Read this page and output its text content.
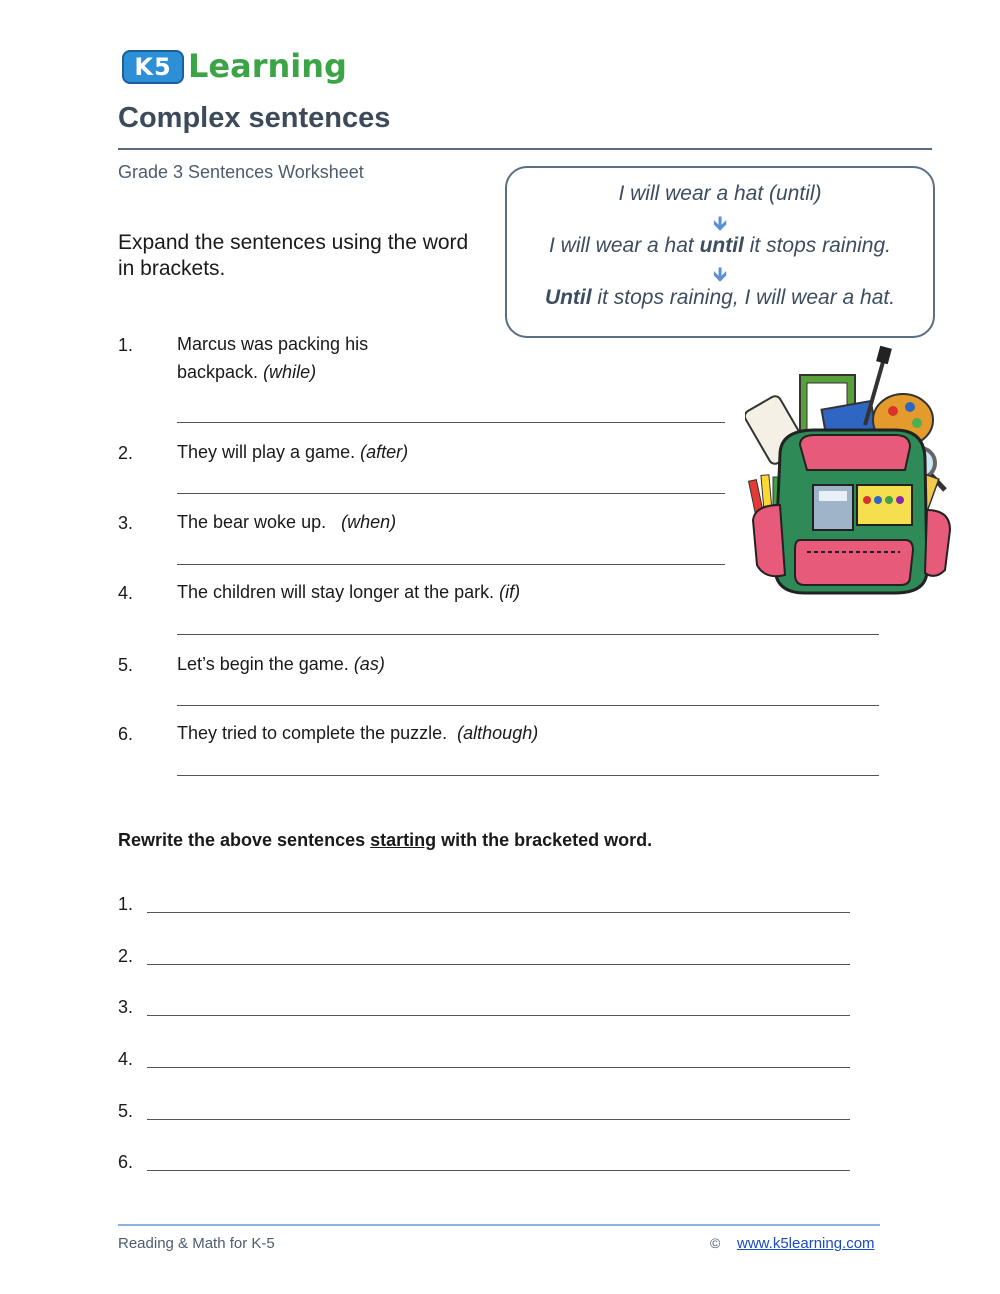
K5 Learning
Complex sentences
Grade 3 Sentences Worksheet
Expand the sentences using the word in brackets.
I will wear a hat (until)
🡻
I will wear a hat until it stops raining.
🡻
Until it stops raining, I will wear a hat.
1. Marcus was packing his backpack. (while)
2. They will play a game. (after)
3. The bear woke up. (when)
4. The children will stay longer at the park. (if)
5. Let’s begin the game. (as)
6. They tried to complete the puzzle. (although)
Rewrite the above sentences starting with the bracketed word.
1.
2.
3.
4.
5.
6.
Reading & Math for K-5	© www.k5learning.com
